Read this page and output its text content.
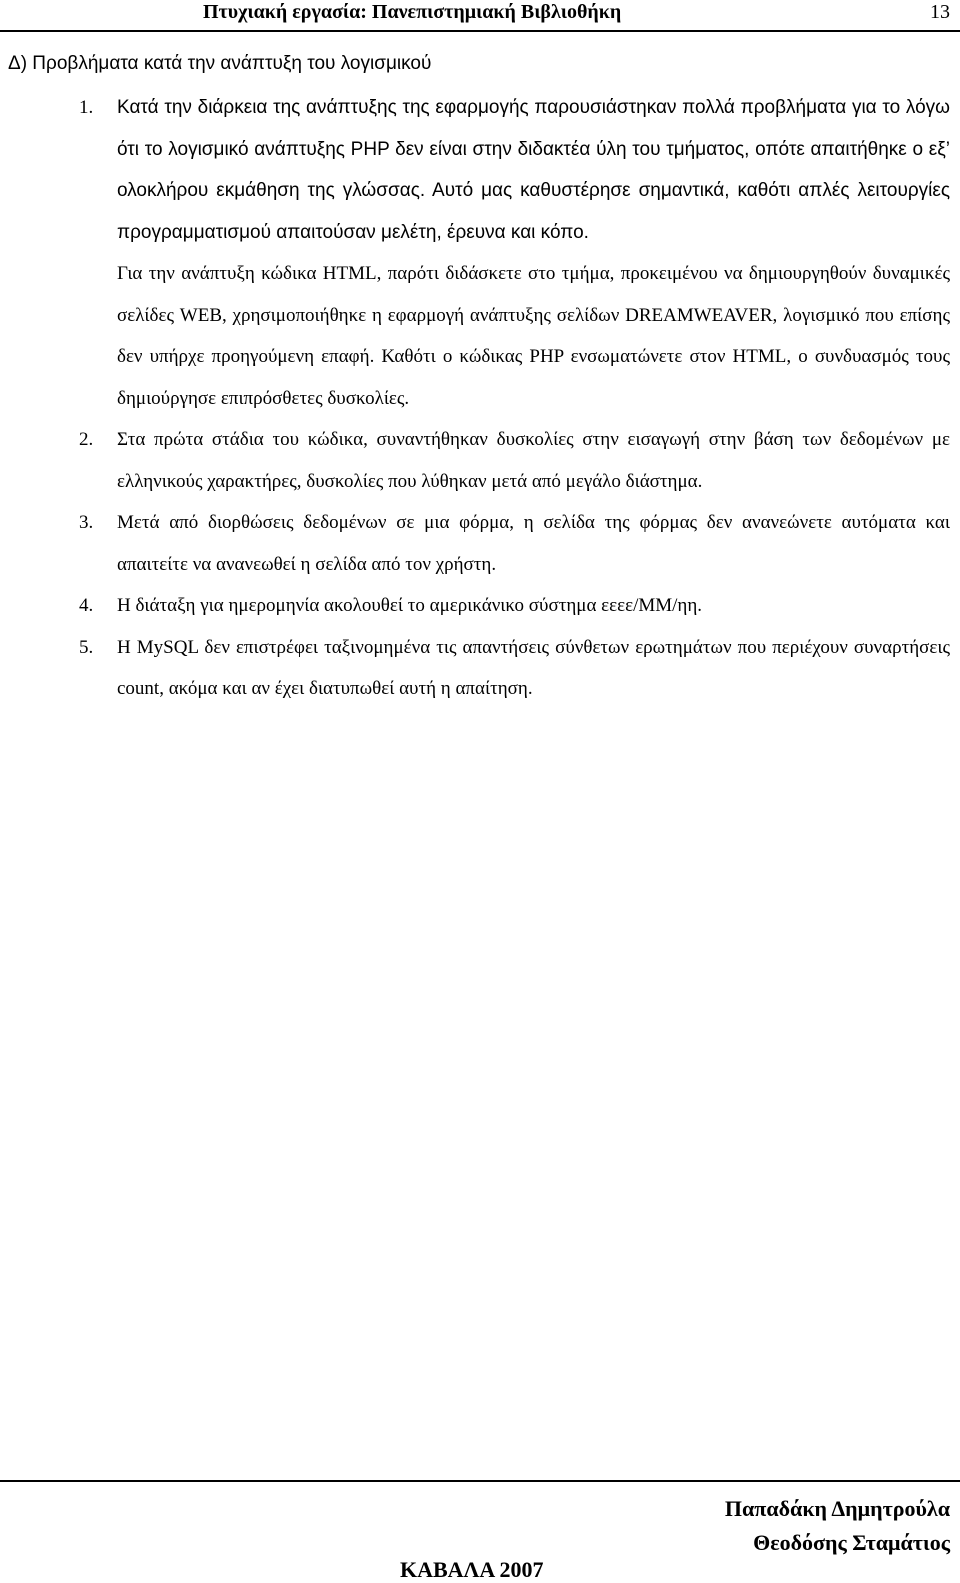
Πτυχιακή εργασία: Πανεπιστημιακή Βιβλιοθήκη	13
Δ) Προβλήματα κατά την ανάπτυξη του λογισμικού
1. Κατά την διάρκεια της ανάπτυξης της εφαρμογής παρουσιάστηκαν πολλά προβλήματα για το λόγω ότι το λογισμικό ανάπτυξης PHP δεν είναι στην διδακτέα ύλη του τμήματος, οπότε απαιτήθηκε ο εξ’ ολοκλήρου εκμάθηση της γλώσσας. Αυτό μας καθυστέρησε σημαντικά, καθότι απλές λειτουργίες προγραμματισμού απαιτούσαν μελέτη, έρευνα και κόπο.
Για την ανάπτυξη κώδικα HTML, παρότι διδάσκετε στο τμήμα, προκειμένου να δημιουργηθούν δυναμικές σελίδες WEB, χρησιμοποιήθηκε η εφαρμογή ανάπτυξης σελίδων DREAMWEAVER, λογισμικό που επίσης δεν υπήρχε προηγούμενη επαφή. Καθότι ο κώδικας PHP ενσωματώνετε στον HTML, ο συνδυασμός τους δημιούργησε επιπρόσθετες δυσκολίες.
2. Στα πρώτα στάδια του κώδικα, συναντήθηκαν δυσκολίες στην εισαγωγή στην βάση των δεδομένων με ελληνικούς χαρακτήρες, δυσκολίες που λύθηκαν μετά από μεγάλο διάστημα.
3. Μετά από διορθώσεις δεδομένων σε μια φόρμα, η σελίδα της φόρμας δεν ανανεώνετε αυτόματα και απαιτείτε να ανανεωθεί η σελίδα από τον χρήστη.
4. Η διάταξη για ημερομηνία ακολουθεί το αμερικάνικο σύστημα εεεε/ΜΜ/ηη.
5. Η MySQL δεν επιστρέφει ταξινομημένα τις απαντήσεις σύνθετων ερωτημάτων που περιέχουν συναρτήσεις count, ακόμα και αν έχει διατυπωθεί αυτή η απαίτηση.
Παπαδάκη Δημητρούλα
Θεοδόσης Σταμάτιος
ΚΑΒΑΛΑ 2007
